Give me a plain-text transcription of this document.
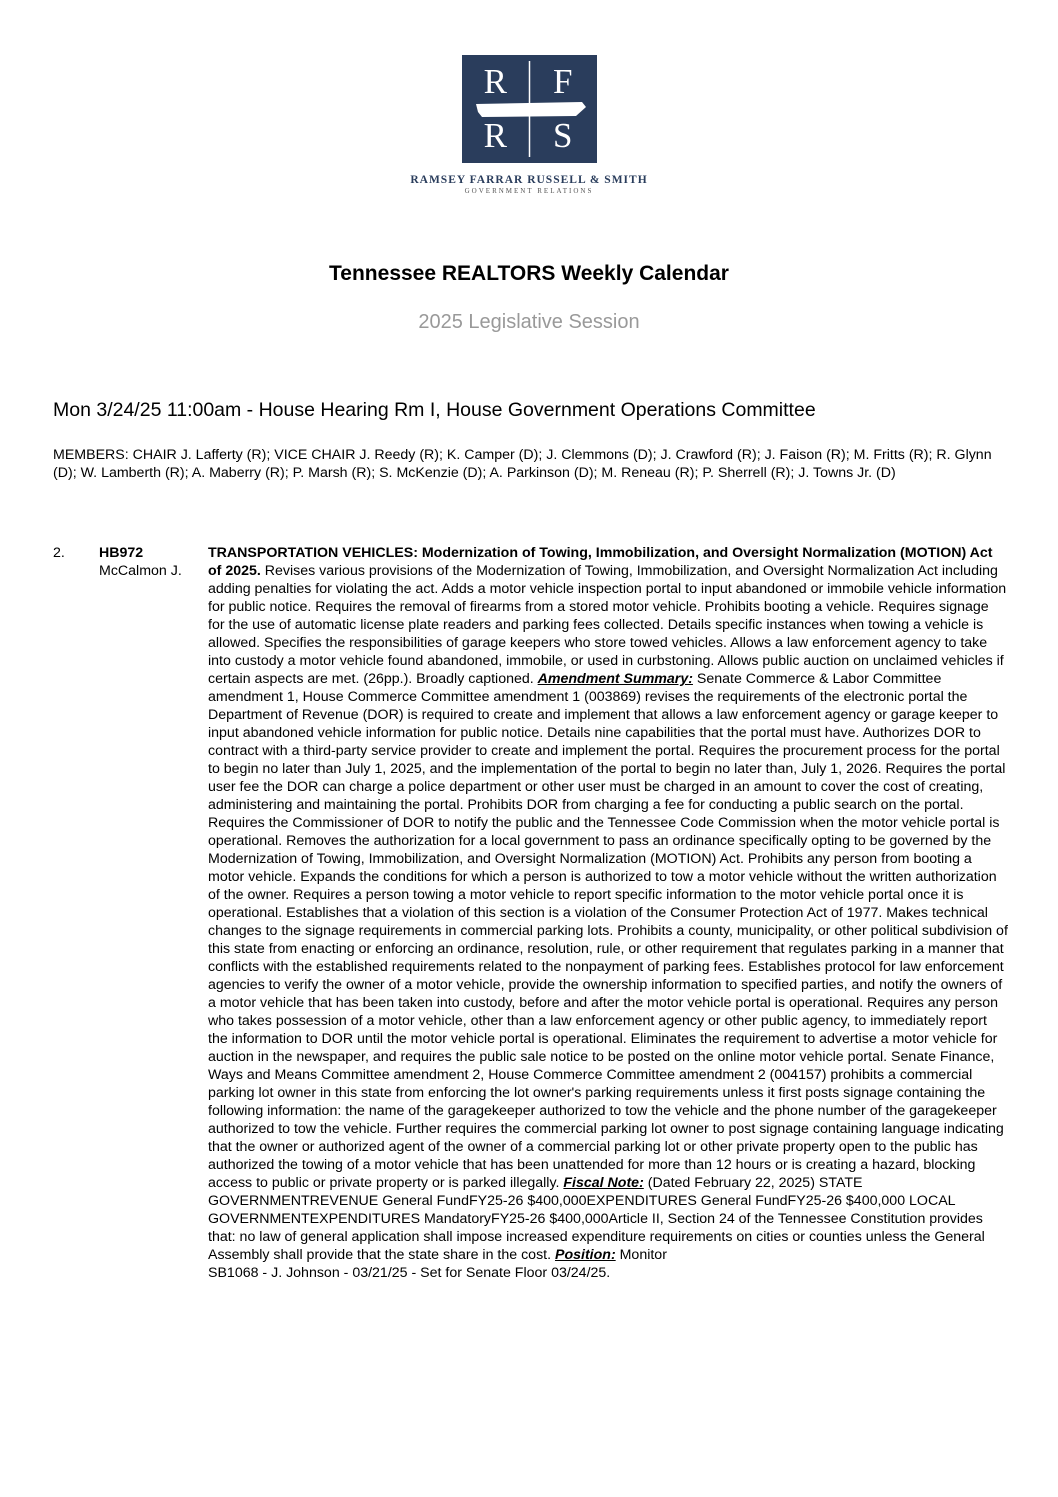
R	F
R	S
RAMSEY FARRAR RUSSELL & SMITH
GOVERNMENT RELATIONS
Tennessee REALTORS Weekly Calendar
2025 Legislative Session
Mon 3/24/25 11:00am - House Hearing Rm I, House Government Operations Committee
MEMBERS: CHAIR J. Lafferty (R); VICE CHAIR J. Reedy (R); K. Camper (D); J. Clemmons (D); J. Crawford (R); J. Faison (R); M. Fritts (R); R. Glynn (D); W. Lamberth (R); A. Maberry (R); P. Marsh (R); S. McKenzie (D); A. Parkinson (D); M. Reneau (R); P. Sherrell (R); J. Towns Jr. (D)
2. HB972
McCalmon J.
TRANSPORTATION VEHICLES: Modernization of Towing, Immobilization, and Oversight Normalization (MOTION) Act of 2025. Revises various provisions of the Modernization of Towing, Immobilization, and Oversight Normalization Act including adding penalties for violating the act. Adds a motor vehicle inspection portal to input abandoned or immobile vehicle information for public notice. Requires the removal of firearms from a stored motor vehicle. Prohibits booting a vehicle. Requires signage for the use of automatic license plate readers and parking fees collected. Details specific instances when towing a vehicle is allowed. Specifies the responsibilities of garage keepers who store towed vehicles. Allows a law enforcement agency to take into custody a motor vehicle found abandoned, immobile, or used in curbstoning. Allows public auction on unclaimed vehicles if certain aspects are met. (26pp.). Broadly captioned. Amendment Summary: Senate Commerce & Labor Committee amendment 1, House Commerce Committee amendment 1 (003869) revises the requirements of the electronic portal the Department of Revenue (DOR) is required to create and implement that allows a law enforcement agency or garage keeper to input abandoned vehicle information for public notice. Details nine capabilities that the portal must have. Authorizes DOR to contract with a third-party service provider to create and implement the portal. Requires the procurement process for the portal to begin no later than July 1, 2025, and the implementation of the portal to begin no later than, July 1, 2026. Requires the portal user fee the DOR can charge a police department or other user must be charged in an amount to cover the cost of creating, administering and maintaining the portal. Prohibits DOR from charging a fee for conducting a public search on the portal. Requires the Commissioner of DOR to notify the public and the Tennessee Code Commission when the motor vehicle portal is operational. Removes the authorization for a local government to pass an ordinance specifically opting to be governed by the Modernization of Towing, Immobilization, and Oversight Normalization (MOTION) Act. Prohibits any person from booting a motor vehicle. Expands the conditions for which a person is authorized to tow a motor vehicle without the written authorization of the owner. Requires a person towing a motor vehicle to report specific information to the motor vehicle portal once it is operational. Establishes that a violation of this section is a violation of the Consumer Protection Act of 1977. Makes technical changes to the signage requirements in commercial parking lots. Prohibits a county, municipality, or other political subdivision of this state from enacting or enforcing an ordinance, resolution, rule, or other requirement that regulates parking in a manner that conflicts with the established requirements related to the nonpayment of parking fees. Establishes protocol for law enforcement agencies to verify the owner of a motor vehicle, provide the ownership information to specified parties, and notify the owners of a motor vehicle that has been taken into custody, before and after the motor vehicle portal is operational. Requires any person who takes possession of a motor vehicle, other than a law enforcement agency or other public agency, to immediately report the information to DOR until the motor vehicle portal is operational. Eliminates the requirement to advertise a motor vehicle for auction in the newspaper, and requires the public sale notice to be posted on the online motor vehicle portal. Senate Finance, Ways and Means Committee amendment 2, House Commerce Committee amendment 2 (004157) prohibits a commercial parking lot owner in this state from enforcing the lot owner's parking requirements unless it first posts signage containing the following information: the name of the garagekeeper authorized to tow the vehicle and the phone number of the garagekeeper authorized to tow the vehicle. Further requires the commercial parking lot owner to post signage containing language indicating that the owner or authorized agent of the owner of a commercial parking lot or other private property open to the public has authorized the towing of a motor vehicle that has been unattended for more than 12 hours or is creating a hazard, blocking access to public or private property or is parked illegally. Fiscal Note: (Dated February 22, 2025) STATE GOVERNMENTREVENUE General FundFY25-26 $400,000EXPENDITURES General FundFY25-26 $400,000 LOCAL GOVERNMENTEXPENDITURES MandatoryFY25-26 $400,000Article II, Section 24 of the Tennessee Constitution provides that: no law of general application shall impose increased expenditure requirements on cities or counties unless the General Assembly shall provide that the state share in the cost. Position: Monitor
SB1068 - J. Johnson - 03/21/25 - Set for Senate Floor 03/24/25.
